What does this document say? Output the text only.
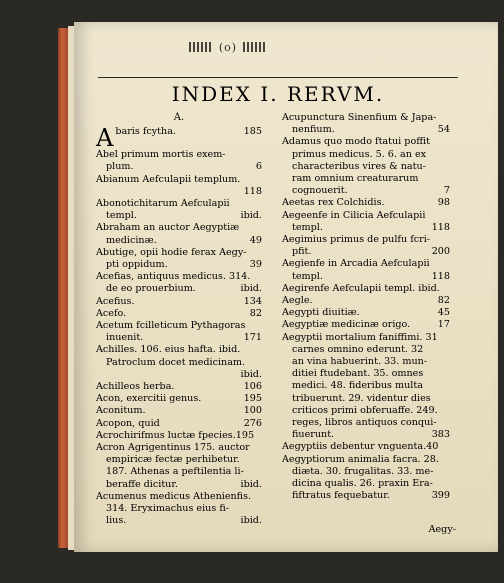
(o)
INDEX I. RERVM.
A.
Abaris fcytha.	185
Abel primum mortis exem-
plum.	6
Abianum Aefculapii templum.
118
Abonotichitarum Aefculapii
templ.	ibid.
Abraham an auctor Aegyptiæ
medicinæ.	49
Abutige, opii hodie ferax Aegy-
pti oppidum.	39
Acefias, antiquus medicus. 314.
de eo prouerbium.	ibid.
Acefius.	134
Acefo.	82
Acetum fcilleticum Pythagoras
inuenit.	171
Achilles. 106. eius hafta. ibid.
Patroclum docet medicinam.
ibid.
Achilleos herba.	106
Acon, exercitii genus.	195
Aconitum.	100
Acopon, quid	276
Acrochirifmus luctæ fpecies.195
Acron Agrigentinus 175. auctor
empiricæ fectæ perhibetur.
187. Athenas a peftilentia li-
beraffe dicitur.	ibid.
Acumenus medicus Athenienfis.
314. Eryximachus eius fi-
lius.	ibid.
Acupunctura Sinenfium & Japa-
nenfium.	54
Adamus quo modo ftatui poffit
primus medicus. 5. 6. an ex
characteribus vires & natu-
ram omnium creaturarum
cognouerit.	7
Aeetas rex Colchidis.	98
Aegeenfe in Cilicia Aefculapii
templ.	118
Aegimius primus de pulfu fcri-
pfit.	200
Aegienfe in Arcadia Aefculapii
templ.	118
Aegirenfe Aefculapii templ. ibid.
Aegle.	82
Aegypti diuitiæ.	45
Aegyptiæ medicinæ origo.	17
Aegyptii mortalium faniffimi. 31
carnes omnino ederunt. 32
an vina habuerint. 33. mun-
ditiei ftudebant. 35. omnes
medici. 48. fideribus multa
tribuerunt. 29. videntur dies
criticos primi obferuaffe. 249.
reges, libros antiquos conqui-
fiuerunt.	383
Aegyptiis debentur vnguenta.40
Aegyptiorum animalia facra. 28.
diæta. 30. frugalitas. 33. me-
dicina qualis. 26. praxin Era-
fiftratus fequebatur.	399
Aegy-
